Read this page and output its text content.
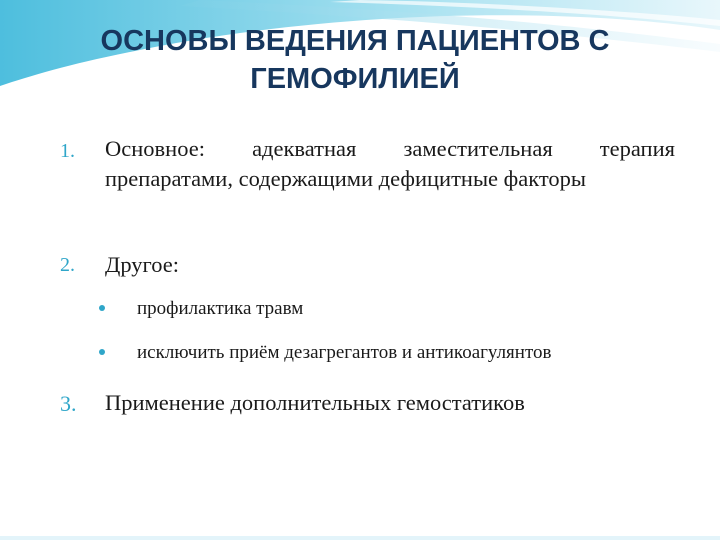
ОСНОВЫ ВЕДЕНИЯ ПАЦИЕНТОВ С ГЕМОФИЛИЕЙ
1. Основное: адекватная заместительная терапия препаратами, содержащими дефицитные факторы
2. Другое:
профилактика травм
исключить приём дезагрегантов и антикоагулянтов
3. Применение дополнительных гемостатиков
